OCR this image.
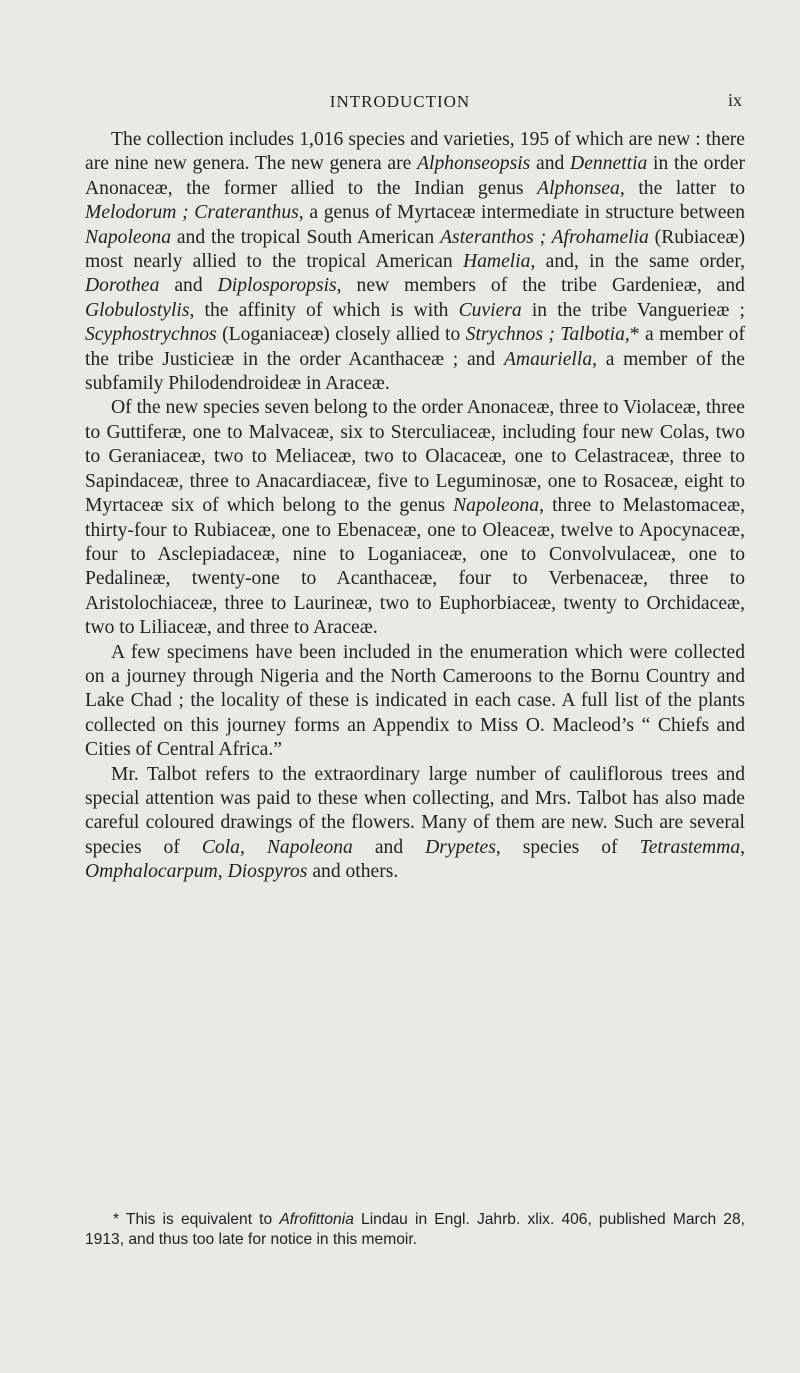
INTRODUCTION	ix

The collection includes 1,016 species and varieties, 195 of which are new : there are nine new genera. The new genera are Alphonseopsis and Dennettia in the order Anonaceæ, the former allied to the Indian genus Alphonsea, the latter to Melodorum ; Crateranthus, a genus of Myrtaceæ intermediate in structure between Napoleona and the tropical South American Asteranthos ; Afrohamelia (Rubiaceæ) most nearly allied to the tropical American Hamelia, and, in the same order, Dorothea and Diplosporopsis, new members of the tribe Gardenieæ, and Globulostylis, the affinity of which is with Cuviera in the tribe Vanguerieæ ; Scyphostrychnos (Loganiaceæ) closely allied to Strychnos ; Talbotia,* a member of the tribe Justicieæ in the order Acanthaceæ ; and Amauriella, a member of the subfamily Philodendroideæ in Araceæ.

Of the new species seven belong to the order Anonaceæ, three to Violaceæ, three to Guttiferæ, one to Malvaceæ, six to Sterculiaceæ, including four new Colas, two to Geraniaceæ, two to Meliaceæ, two to Olacaceæ, one to Celastraceæ, three to Sapindaceæ, three to Anacardiaceæ, five to Leguminosæ, one to Rosaceæ, eight to Myrtaceæ six of which belong to the genus Napoleona, three to Melastomaceæ, thirty-four to Rubiaceæ, one to Ebenaceæ, one to Oleaceæ, twelve to Apocynaceæ, four to Asclepiadaceæ, nine to Loganiaceæ, one to Convolvulaceæ, one to Pedalineæ, twenty-one to Acanthaceæ, four to Verbenaceæ, three to Aristolochiaceæ, three to Laurineæ, two to Euphorbiaceæ, twenty to Orchidaceæ, two to Liliaceæ, and three to Araceæ.

A few specimens have been included in the enumeration which were collected on a journey through Nigeria and the North Cameroons to the Bornu Country and Lake Chad ; the locality of these is indicated in each case. A full list of the plants collected on this journey forms an Appendix to Miss O. Macleod’s “ Chiefs and Cities of Central Africa.”

Mr. Talbot refers to the extraordinary large number of cauliflorous trees and special attention was paid to these when collecting, and Mrs. Talbot has also made careful coloured drawings of the flowers. Many of them are new. Such are several species of Cola, Napoleona and Drypetes, species of Tetrastemma, Omphalocarpum, Diospyros and others.

* This is equivalent to Afrofittonia Lindau in Engl. Jahrb. xlix. 406, published March 28, 1913, and thus too late for notice in this memoir.
